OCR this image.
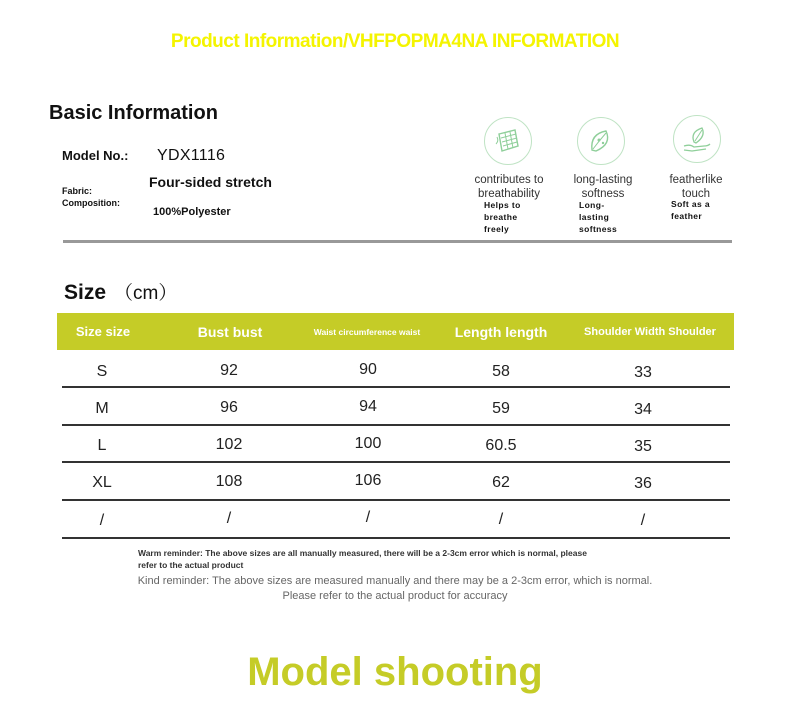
Product Information/VHFPOPMA4NA INFORMATION
Basic Information
Model No.: YDX1116
Fabric:
Composition:
Four-sided stretch
100%Polyester
contributes to
breathability
Helps to
breathe
freely
long-lasting
softness
Long-
lasting
softness
featherlike
touch
Soft as a
feather
Size （cm）
Size size	Bust bust	Waist circumference waist	Length length	Shoulder Width Shoulder
S	92	90	58	33
M	96	94	59	34
L	102	100	60.5	35
XL	108	106	62	36
/	/	/	/	/
Warm reminder: The above sizes are all manually measured, there will be a 2-3cm error which is normal, please
refer to the actual product
Kind reminder: The above sizes are measured manually and there may be a 2-3cm error, which is normal.
Please refer to the actual product for accuracy
Model shooting
